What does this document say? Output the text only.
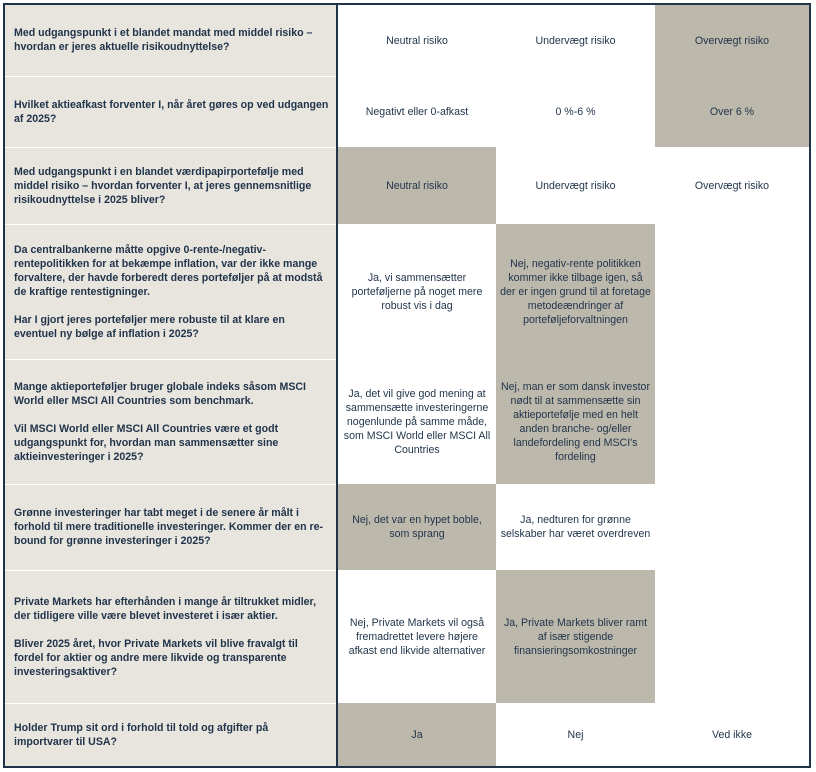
Med udgangspunkt i et blandet mandat med middel risiko – hvordan er jeres aktuelle risikoudnyttelse?	Neutral risiko	Undervægt risiko	Overvægt risiko

Hvilket aktieafkast forventer I, når året gøres op ved udgangen af 2025?	Negativt eller 0-afkast	0 %-6 %	Over 6 %

Med udgangspunkt i en blandet værdipapirportefølje med middel risiko – hvordan forventer I, at jeres gennemsnitlige risikoudnyttelse i 2025 bliver?	Neutral risiko	Undervægt risiko	Overvægt risiko

Da centralbankerne måtte opgive 0-rente-/negativ-rentepolitikken for at bekæmpe inflation, var der ikke mange forvaltere, der havde forberedt deres porteføljer på at modstå de kraftige rentestigninger.
Har I gjort jeres porteføljer mere robuste til at klare en eventuel ny bølge af inflation i 2025?	Ja, vi sammensætter porteføljerne på noget mere robust vis i dag	Nej, negativ-rente politikken kommer ikke tilbage igen, så der er ingen grund til at foretage metodeændringer af porteføljeforvaltningen	

Mange aktieporteføljer bruger globale indeks såsom MSCI World eller MSCI All Countries som benchmark.
Vil MSCI World eller MSCI All Countries være et godt udgangspunkt for, hvordan man sammensætter sine aktieinvesteringer i 2025?	Ja, det vil give god mening at sammensætte investeringerne nogenlunde på samme måde, som MSCI World eller MSCI All Countries	Nej, man er som dansk investor nødt til at sammensætte sin aktieportefølje med en helt anden branche- og/eller landefordeling end MSCI's fordeling	

Grønne investeringer har tabt meget i de senere år målt i forhold til mere traditionelle investeringer. Kommer der en re-bound for grønne investeringer i 2025?	Nej, det var en hypet boble, som sprang	Ja, nedturen for grønne selskaber har været overdreven	

Private Markets har efterhånden i mange år tiltrukket midler, der tidligere ville være blevet investeret i især aktier.
Bliver 2025 året, hvor Private Markets vil blive fravalgt til fordel for aktier og andre mere likvide og transparente investeringsaktiver?	Nej, Private Markets vil også fremadrettet levere højere afkast end likvide alternativer	Ja, Private Markets bliver ramt af især stigende finansieringsomkostninger	

Holder Trump sit ord i forhold til told og afgifter på importvarer til USA?	Ja	Nej	Ved ikke
